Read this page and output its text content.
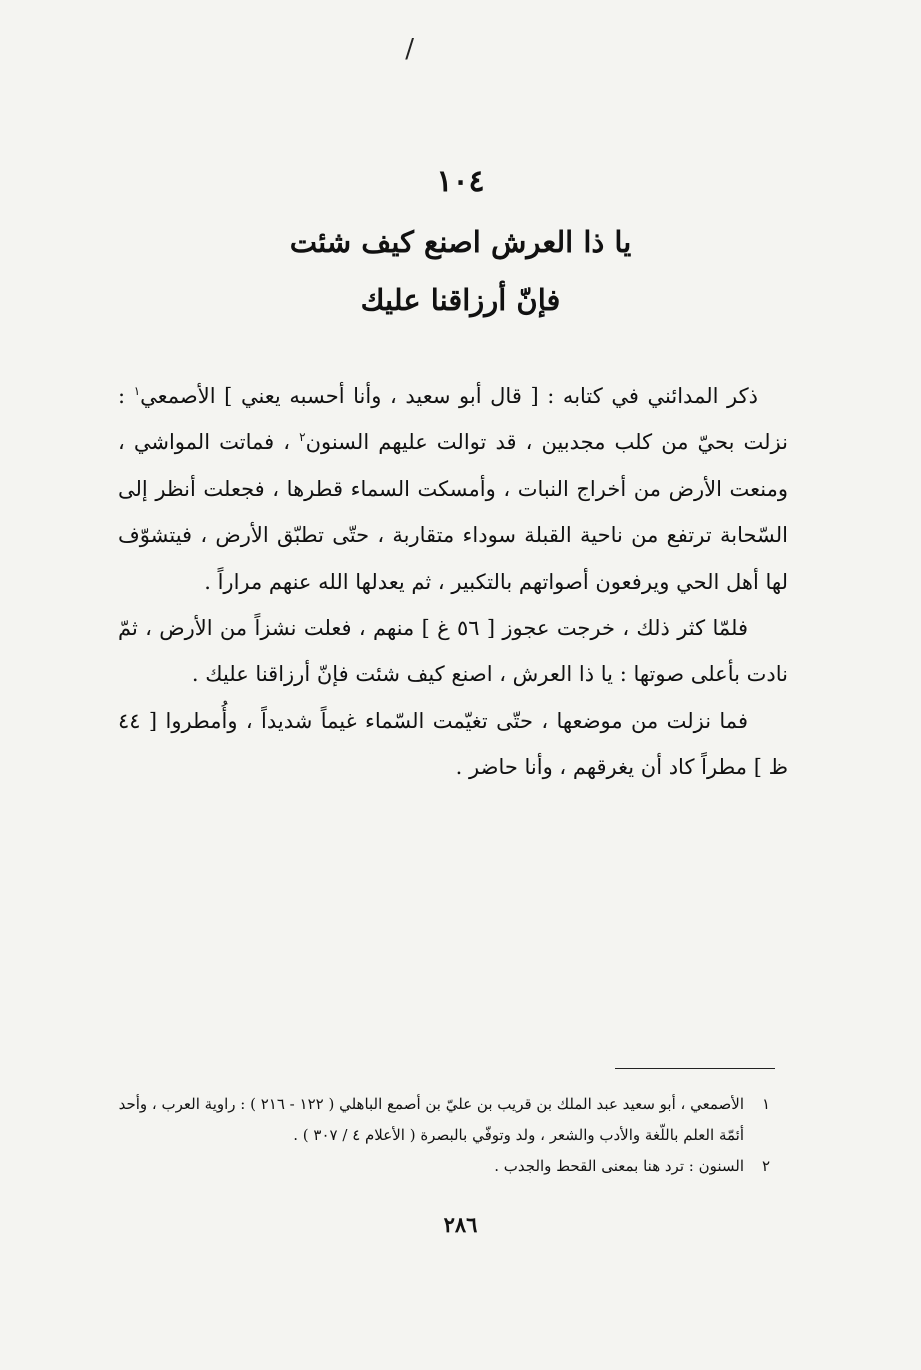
/
١٠٤
يا ذا العرش اصنع كيف شئت
فإنّ أرزاقنا عليك

ذكر المدائني في كتابه : [ قال أبو سعيد ، وأنا أحسبه يعني ] الأصمعي$^١$ : نزلت بحيّ من كلب مجدبين ، قد توالت عليهم السنون$^٢$ ، فماتت المواشي ، ومنعت الأرض من أخراج النبات ، وأمسكت السماء قطرها ، فجعلت أنظر إلى السّحابة ترتفع من ناحية القبلة سوداء متقاربة ، حتّى تطبّق الأرض ، فيتشوّف لها أهل الحي ويرفعون أصواتهم بالتكبير ، ثم يعدلها الله عنهم مراراً .

فلمّا كثر ذلك ، خرجت عجوز [ ٥٦ غ ] منهم ، فعلت نشزاً من الأرض ، ثمّ نادت بأعلى صوتها : يا ذا العرش ، اصنع كيف شئت فإنّ أرزاقنا عليك .

فما نزلت من موضعها ، حتّى تغيّمت السّماء غيماً شديداً ، وأُمطروا [ ٤٤ ظ ] مطراً كاد أن يغرقهم ، وأنا حاضر .

١
الأصمعي ، أبو سعيد عبد الملك بن قريب بن عليّ بن أصمع الباهلي ( ١٢٢ - ٢١٦ ) : راوية العرب ، وأحد أئمّة العلم باللّغة والأدب والشعر ، ولد وتوفّي بالبصرة ( الأعلام ٤ / ٣٠٧ ) .
٢
السنون : ترد هنا بمعنى القحط والجدب .
٢٨٦
